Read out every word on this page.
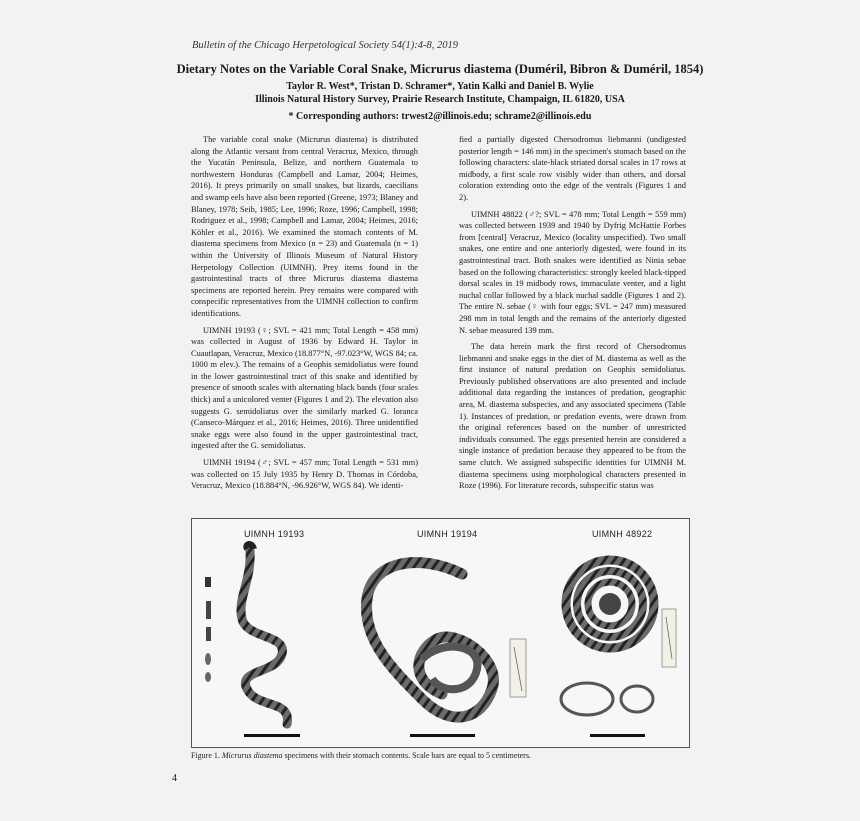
Bulletin of the Chicago Herpetological Society 54(1):4-8, 2019
Dietary Notes on the Variable Coral Snake, Micrurus diastema (Duméril, Bibron & Duméril, 1854)
Taylor R. West*, Tristan D. Schramer*, Yatin Kalki and Daniel B. Wylie
Illinois Natural History Survey, Prairie Research Institute, Champaign, IL 61820, USA
* Corresponding authors: trwest2@illinois.edu; schrame2@illinois.edu

The variable coral snake (Micrurus diastema) is distributed along the Atlantic versant from central Veracruz, Mexico, through the Yucatán Peninsula, Belize, and northern Guatemala to northwestern Honduras (Campbell and Lamar, 2004; Heimes, 2016). It preys primarily on small snakes, but lizards, caecilians and swamp eels have also been reported (Greene, 1973; Blaney and Blaney, 1978; Seib, 1985; Lee, 1996; Roze, 1996; Campbell, 1998; Rodriguez et al., 1998; Campbell and Lamar, 2004; Heimes, 2016; Köhler et al., 2016). We examined the stomach contents of M. diastema specimens from Mexico (n = 23) and Guatemala (n = 1) within the University of Illinois Museum of Natural History Herpetology Collection (UIMNH). Prey items found in the gastrointestinal tracts of three Micrurus diastema diastema specimens are reported herein. Prey remains were compared with conspecific representatives from the UIMNH collection to confirm identifications.

UIMNH 19193 (♀; SVL = 421 mm; Total Length = 458 mm) was collected in August of 1936 by Edward H. Taylor in Cuautlapan, Veracruz, Mexico (18.877°N, -97.023°W, WGS 84; ca. 1000 m elev.). The remains of a Geophis semidoliatus were found in the lower gastrointestinal tract of this snake and identified by presence of smooth scales with alternating black bands (four scales thick) and a unicolored venter (Figures 1 and 2). The elevation also suggests G. semidoliatus over the similarly marked G. loranca (Canseco-Márquez et al., 2016; Heimes, 2016). Three unidentified snake eggs were also found in the upper gastrointestinal tract, ingested after the G. semidoliatus.

UIMNH 19194 (♂; SVL = 457 mm; Total Length = 531 mm) was collected on 15 July 1935 by Henry D. Thomas in Córdoba, Veracruz, Mexico (18.884°N, -96.926°W, WGS 84). We identi-

fied a partially digested Chersodromus liebmanni (undigested posterior length = 146 mm) in the specimen's stomach based on the following characters: slate-black striated dorsal scales in 17 rows at midbody, a first scale row visibly wider than others, and dorsal coloration extending onto the edge of the ventrals (Figures 1 and 2).

UIMNH 48822 (♂?; SVL = 478 mm; Total Length = 559 mm) was collected between 1939 and 1940 by Dyfrig McHattie Forbes from [central] Veracruz, Mexico (locality unspecified). Two small snakes, one entire and one anteriorly digested, were found in its gastrointestinal tract. Both snakes were identified as Ninia sebae based on the following characteristics: strongly keeled black-tipped dorsal scales in 19 midbody rows, immaculate venter, and a light nuchal collar followed by a black nuchal saddle (Figures 1 and 2). The entire N. sebae (♀ with four eggs; SVL = 247 mm) measured 298 mm in total length and the remains of the anteriorly digested N. sebae measured 139 mm.

The data herein mark the first record of Chersodromus liebmanni and snake eggs in the diet of M. diastema as well as the first instance of natural predation on Geophis semidoliatus. Previously published observations are also presented and include additional data regarding the instances of predation, geographic area, M. diastema subspecies, and any associated specimens (Table 1). Instances of predation, or predation events, were drawn from the original references based on the number of unrestricted individuals consumed. The eggs presented herein are considered a single instance of predation because they appeared to be from the same clutch. We assigned subspecific identities for UIMNH M. diastema specimens using morphological characters presented in Roze (1996). For literature records, subspecific status was

UIMNH 19193	UIMNH 19194	UIMNH 48922
Figure 1. Micrurus diastema specimens with their stomach contents. Scale bars are equal to 5 centimeters.
4
